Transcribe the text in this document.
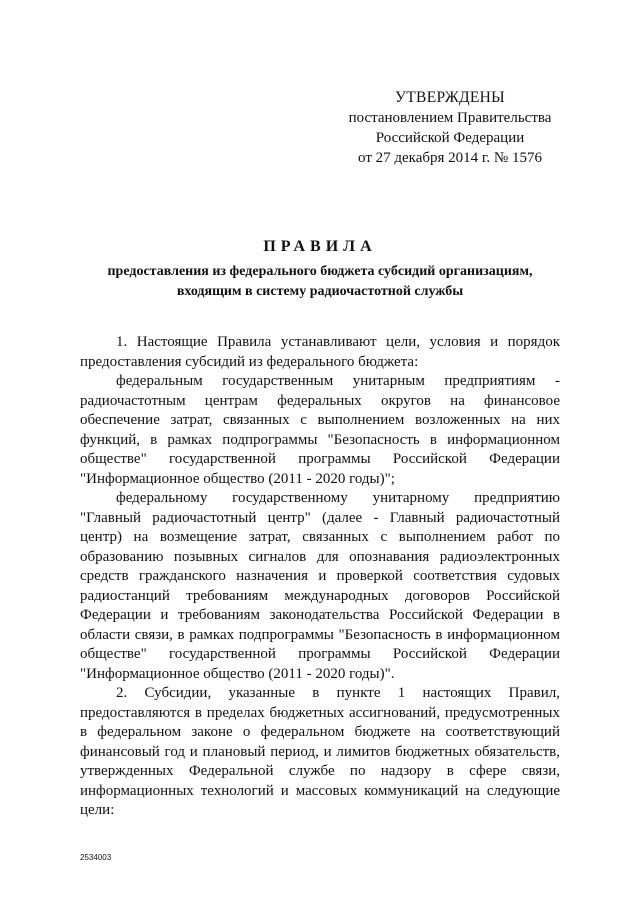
УТВЕРЖДЕНЫ
постановлением Правительства
Российской Федерации
от 27 декабря 2014 г. № 1576
ПРАВИЛА
предоставления из федерального бюджета субсидий организациям,
входящим в систему радиочастотной службы

1. Настоящие Правила устанавливают цели, условия и порядок предоставления субсидий из федерального бюджета:

федеральным государственным унитарным предприятиям - радиочастотным центрам федеральных округов на финансовое обеспечение затрат, связанных с выполнением возложенных на них функций, в рамках подпрограммы "Безопасность в информационном обществе" государственной программы Российской Федерации "Информационное общество (2011 - 2020 годы)";

федеральному государственному унитарному предприятию "Главный радиочастотный центр" (далее - Главный радиочастотный центр) на возмещение затрат, связанных с выполнением работ по образованию позывных сигналов для опознавания радиоэлектронных средств гражданского назначения и проверкой соответствия судовых радиостанций требованиям международных договоров Российской Федерации и требованиям законодательства Российской Федерации в области связи, в рамках подпрограммы "Безопасность в информационном обществе" государственной программы Российской Федерации "Информационное общество (2011 - 2020 годы)".

2. Субсидии, указанные в пункте 1 настоящих Правил, предоставляются в пределах бюджетных ассигнований, предусмотренных в федеральном законе о федеральном бюджете на соответствующий финансовый год и плановый период, и лимитов бюджетных обязательств, утвержденных Федеральной службе по надзору в сфере связи, информационных технологий и массовых коммуникаций на следующие цели:

2534003
